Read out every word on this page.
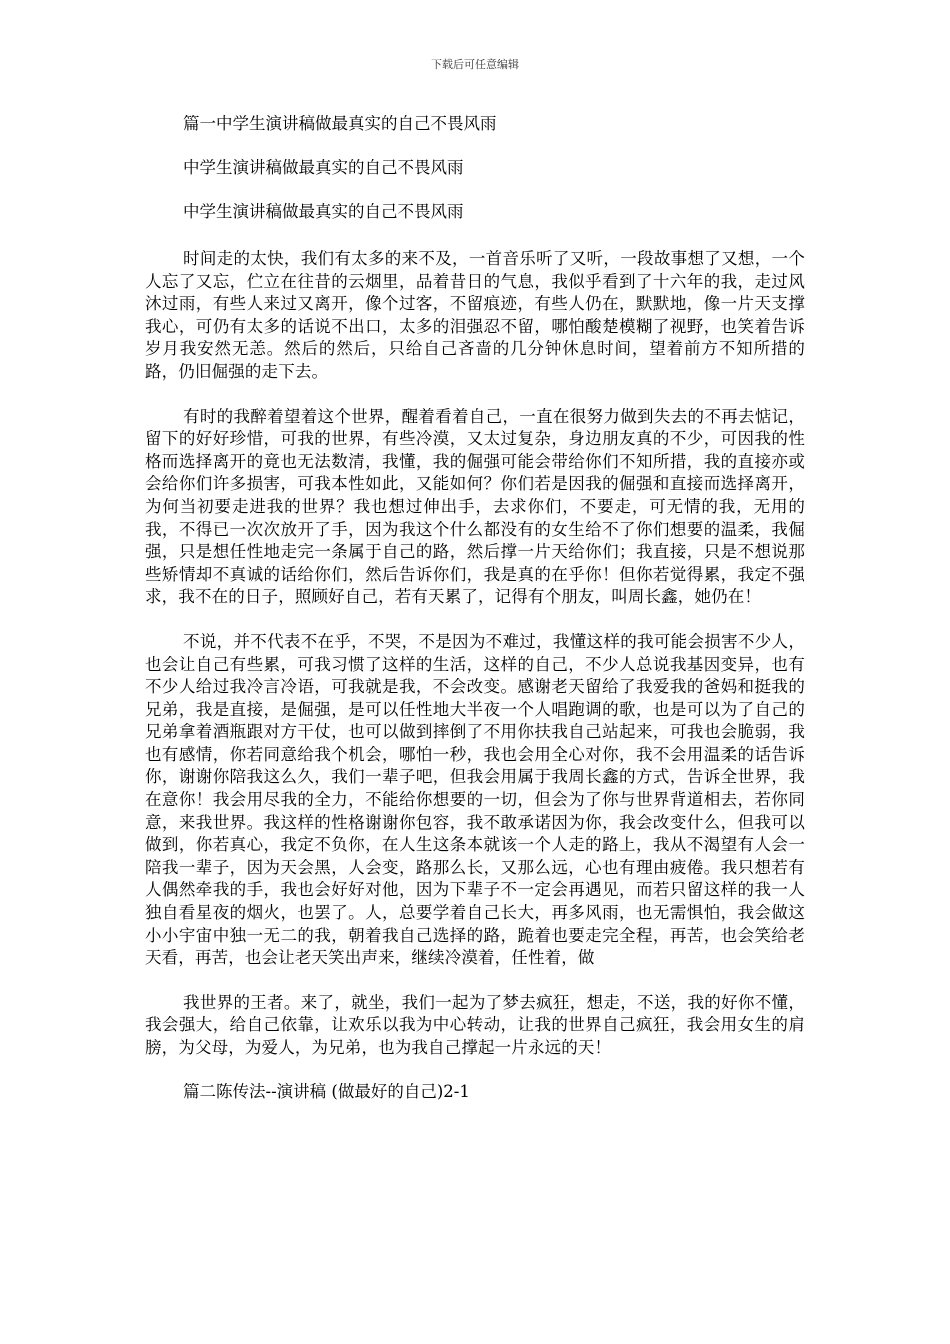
下载后可任意编辑

篇一中学生演讲稿做最真实的自己不畏风雨

中学生演讲稿做最真实的自己不畏风雨

中学生演讲稿做最真实的自己不畏风雨

时间走的太快，我们有太多的来不及，一首音乐听了又听，一段故事想了又想，一个人忘了又忘，伫立在往昔的云烟里，品着昔日的气息，我似乎看到了十六年的我，走过风沐过雨，有些人来过又离开，像个过客，不留痕迹，有些人仍在，默默地，像一片天支撑我心，可仍有太多的话说不出口，太多的泪强忍不留，哪怕酸楚模糊了视野，也笑着告诉岁月我安然无恙。然后的然后，只给自己吝啬的几分钟休息时间，望着前方不知所措的路，仍旧倔强的走下去。

有时的我醉着望着这个世界，醒着看着自己，一直在很努力做到失去的不再去惦记，留下的好好珍惜，可我的世界，有些冷漠，又太过复杂，身边朋友真的不少，可因我的性格而选择离开的竟也无法数清，我懂，我的倔强可能会带给你们不知所措，我的直接亦或会给你们许多损害，可我本性如此，又能如何？你们若是因我的倔强和直接而选择离开，为何当初要走进我的世界？我也想过伸出手，去求你们，不要走，可无情的我，无用的我，不得已一次次放开了手，因为我这个什么都没有的女生给不了你们想要的温柔，我倔强，只是想任性地走完一条属于自己的路，然后撑一片天给你们；我直接，只是不想说那些矫情却不真诚的话给你们，然后告诉你们，我是真的在乎你！但你若觉得累，我定不强求，我不在的日子，照顾好自己，若有天累了，记得有个朋友，叫周长鑫，她仍在！

不说，并不代表不在乎，不哭，不是因为不难过，我懂这样的我可能会损害不少人，也会让自己有些累，可我习惯了这样的生活，这样的自己，不少人总说我基因变异，也有不少人给过我冷言冷语，可我就是我，不会改变。感谢老天留给了我爱我的爸妈和挺我的兄弟，我是直接，是倔强，是可以任性地大半夜一个人唱跑调的歌，也是可以为了自己的兄弟拿着酒瓶跟对方干仗，也可以做到摔倒了不用你扶我自己站起来，可我也会脆弱，我也有感情，你若同意给我个机会，哪怕一秒，我也会用全心对你，我不会用温柔的话告诉你，谢谢你陪我这么久，我们一辈子吧，但我会用属于我周长鑫的方式，告诉全世界，我在意你！我会用尽我的全力，不能给你想要的一切，但会为了你与世界背道相去，若你同意，来我世界。我这样的性格谢谢你包容，我不敢承诺因为你，我会改变什么，但我可以做到，你若真心，我定不负你，在人生这条本就该一个人走的路上，我从不渴望有人会一陪我一辈子，因为天会黑，人会变，路那么长，又那么远，心也有理由疲倦。我只想若有人偶然牵我的手，我也会好好对他，因为下辈子不一定会再遇见，而若只留这样的我一人独自看星夜的烟火，也罢了。人，总要学着自己长大，再多风雨，也无需惧怕，我会做这小小宇宙中独一无二的我，朝着我自己选择的路，跪着也要走完全程，再苦，也会笑给老天看，再苦，也会让老天笑出声来，继续冷漠着，任性着，做

我世界的王者。来了，就坐，我们一起为了梦去疯狂，想走，不送，我的好你不懂，我会强大，给自己依靠，让欢乐以我为中心转动，让我的世界自己疯狂，我会用女生的肩膀，为父母，为爱人，为兄弟，也为我自己撑起一片永远的天！

篇二陈传法--演讲稿 (做最好的自己)2-1
